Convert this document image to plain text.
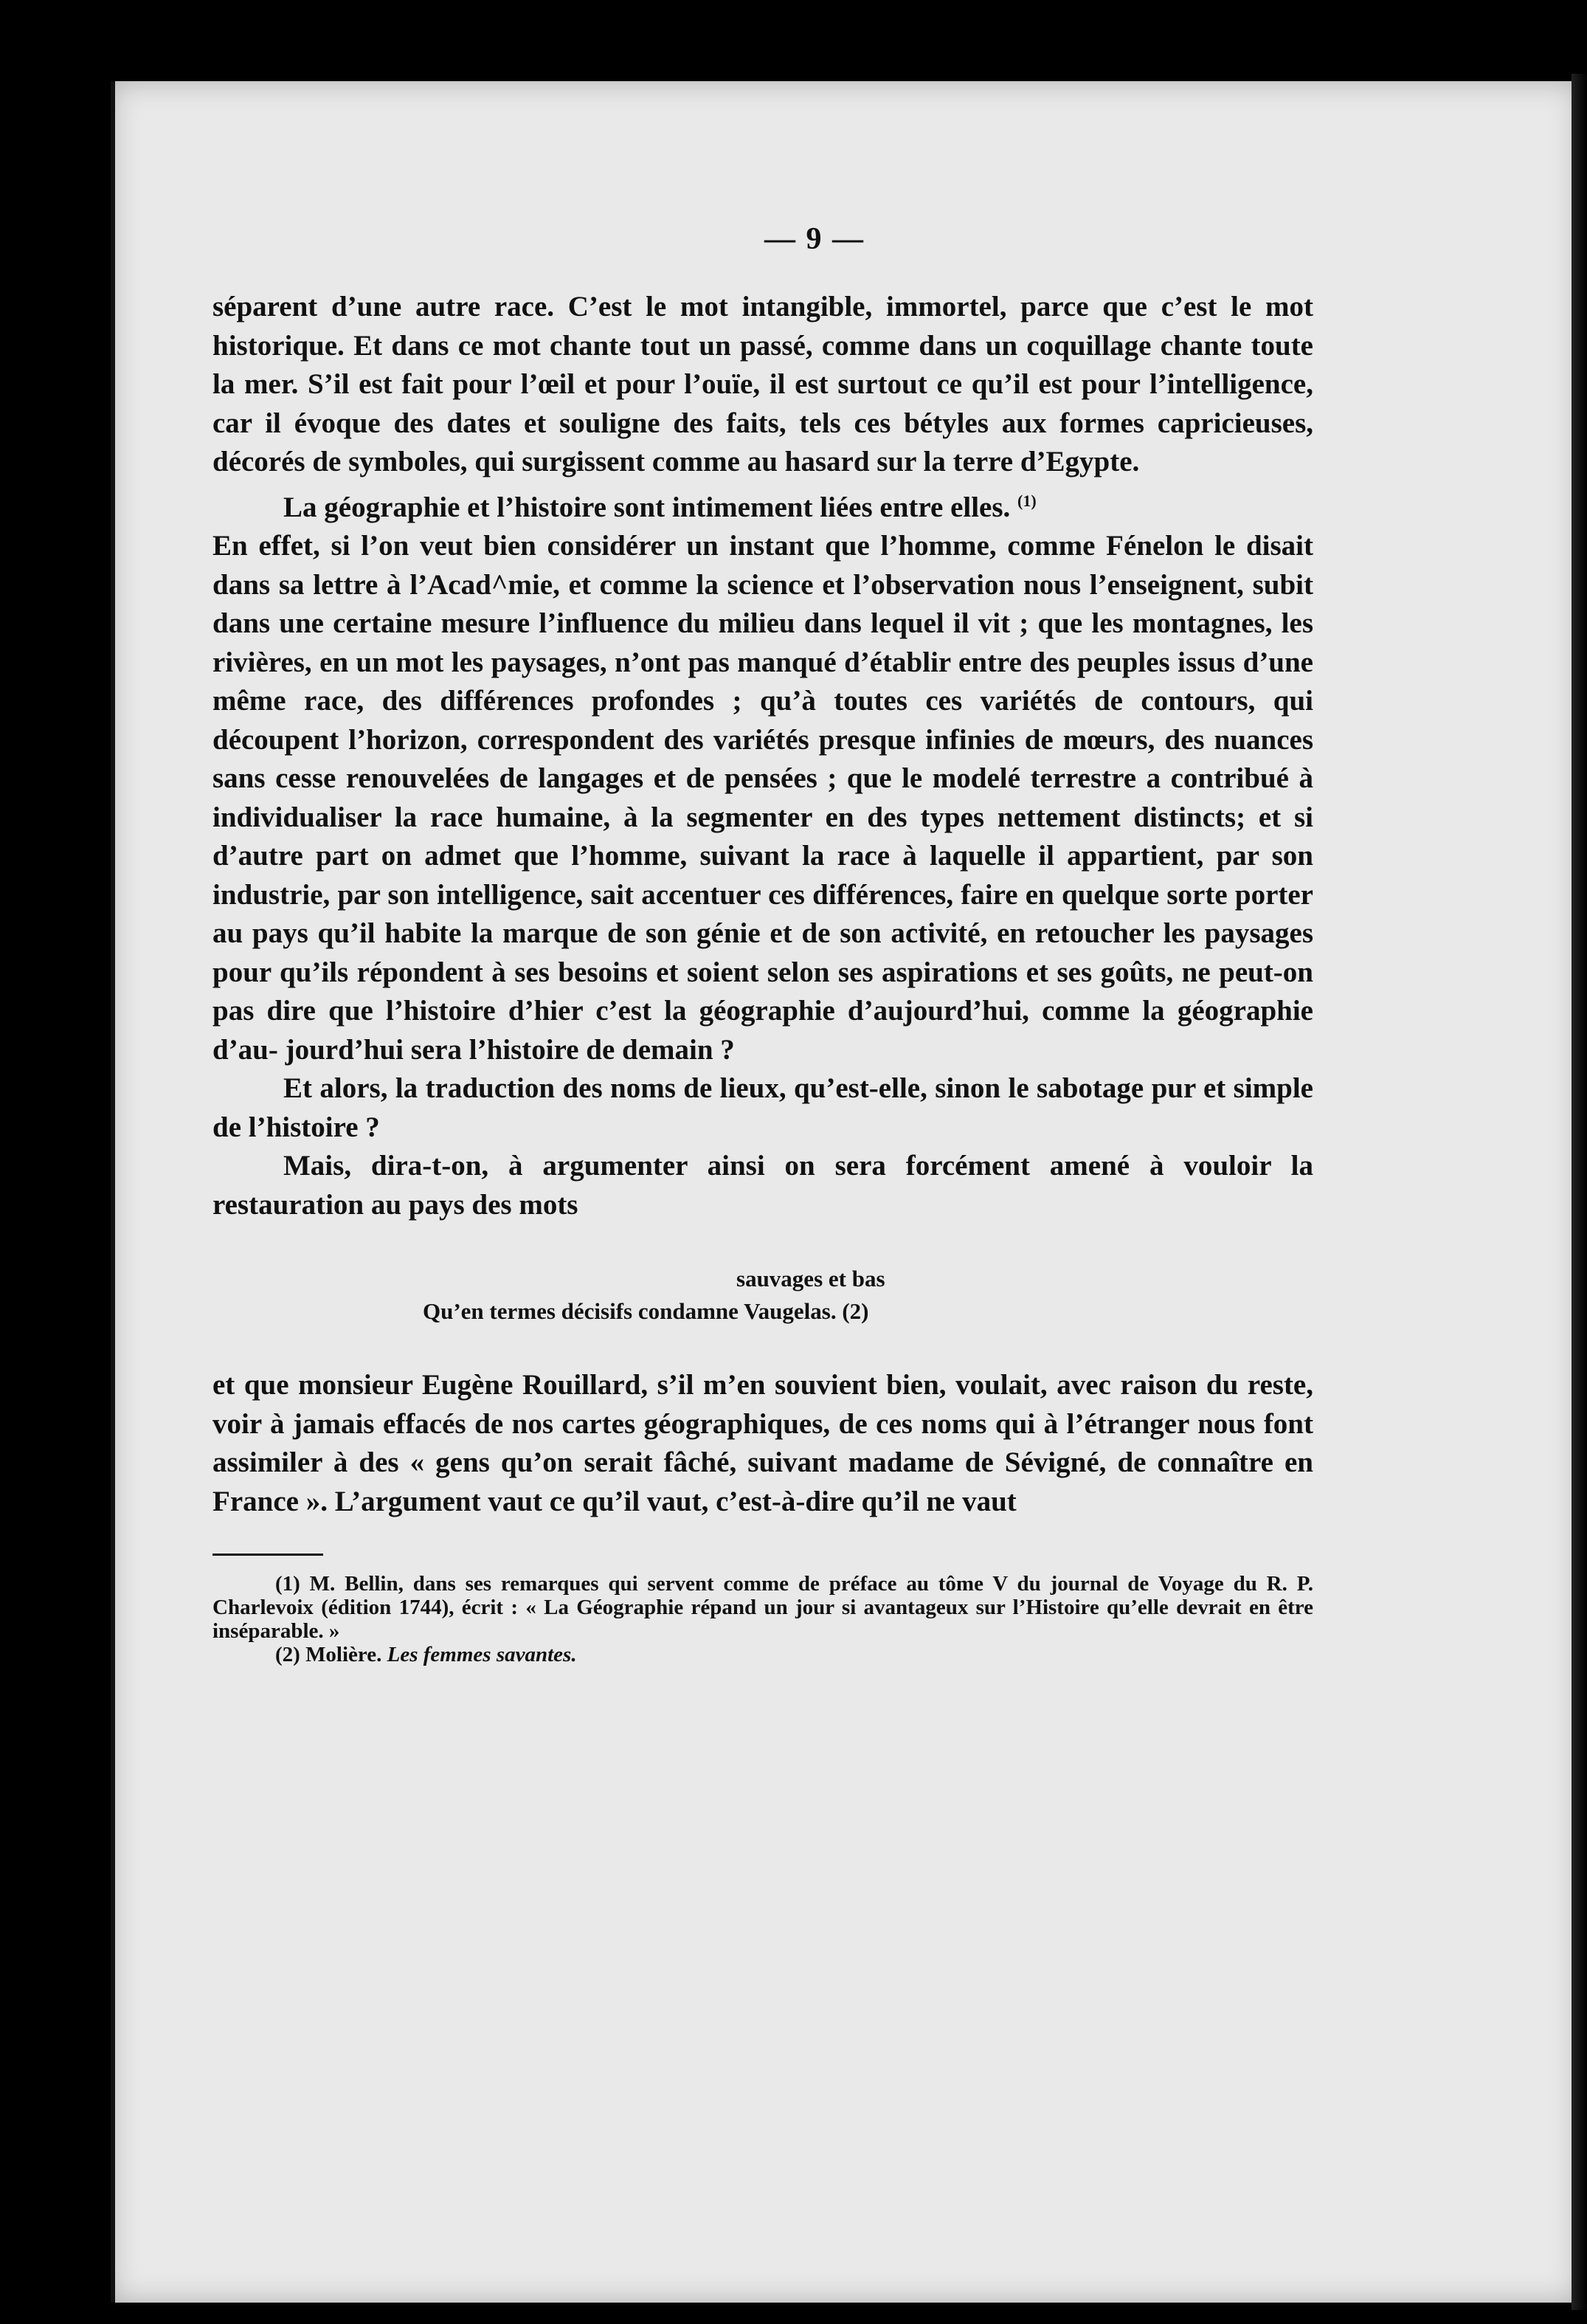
— 9 —

séparent d’une autre race. C’est le mot intangible, immortel, parce que c’est le mot historique. Et dans ce mot chante tout un passé, comme dans un coquillage chante toute la mer. S’il est fait pour l’œil et pour l’ouïe, il est surtout ce qu’il est pour l’intelligence, car il évoque des dates et souligne des faits, tels ces bétyles aux formes capricieuses, décorés de symboles, qui surgissent comme au hasard sur la terre d’Egypte.

La géographie et l’histoire sont intimement liées entre elles. $^{(1)}$

En effet, si l’on veut bien considérer un instant que l’homme, comme Fénelon le disait dans sa lettre à l’Acad^mie, et comme la science et l’observation nous l’enseignent, subit dans une certaine mesure l’influence du milieu dans lequel il vit ; que les montagnes, les rivières, en un mot les paysages, n’ont pas manqué d’établir entre des peuples issus d’une même race, des différences profondes ; qu’à toutes ces variétés de contours, qui découpent l’horizon, correspondent des variétés presque infinies de mœurs, des nuances sans cesse renouvelées de langages et de pensées ; que le modelé terrestre a contribué à individualiser la race humaine, à la segmenter en des types nettement distincts; et si d’autre part on admet que l’homme, suivant la race à laquelle il appartient, par son industrie, par son intelligence, sait accentuer ces différences, faire en quelque sorte porter au pays qu’il habite la marque de son génie et de son activité, en retoucher les paysages pour qu’ils répondent à ses besoins et soient selon ses aspirations et ses goûts, ne peut-on pas dire que l’histoire d’hier c’est la géographie d’aujourd’hui, comme la géographie d’au- jourd’hui sera l’histoire de demain ?

Et alors, la traduction des noms de lieux, qu’est-elle, sinon le sabotage pur et simple de l’histoire ?

Mais, dira-t-on, à argumenter ainsi on sera forcément amené à vouloir la restauration au pays des mots

sauvages et bas
Qu’en termes décisifs condamne Vaugelas. (2)

et que monsieur Eugène Rouillard, s’il m’en souvient bien, voulait, avec raison du reste, voir à jamais effacés de nos cartes géographiques, de ces noms qui à l’étranger nous font assimiler à des « gens qu’on serait fâché, suivant madame de Sévigné, de connaître en France ». L’argument vaut ce qu’il vaut, c’est-à-dire qu’il ne vaut

(1) M. Bellin, dans ses remarques qui servent comme de préface au tôme V du journal de Voyage du R. P. Charlevoix (édition 1744), écrit : « La Géographie répand un jour si avantageux sur l’Histoire qu’elle devrait en être inséparable. »

(2) Molière. Les femmes savantes.
